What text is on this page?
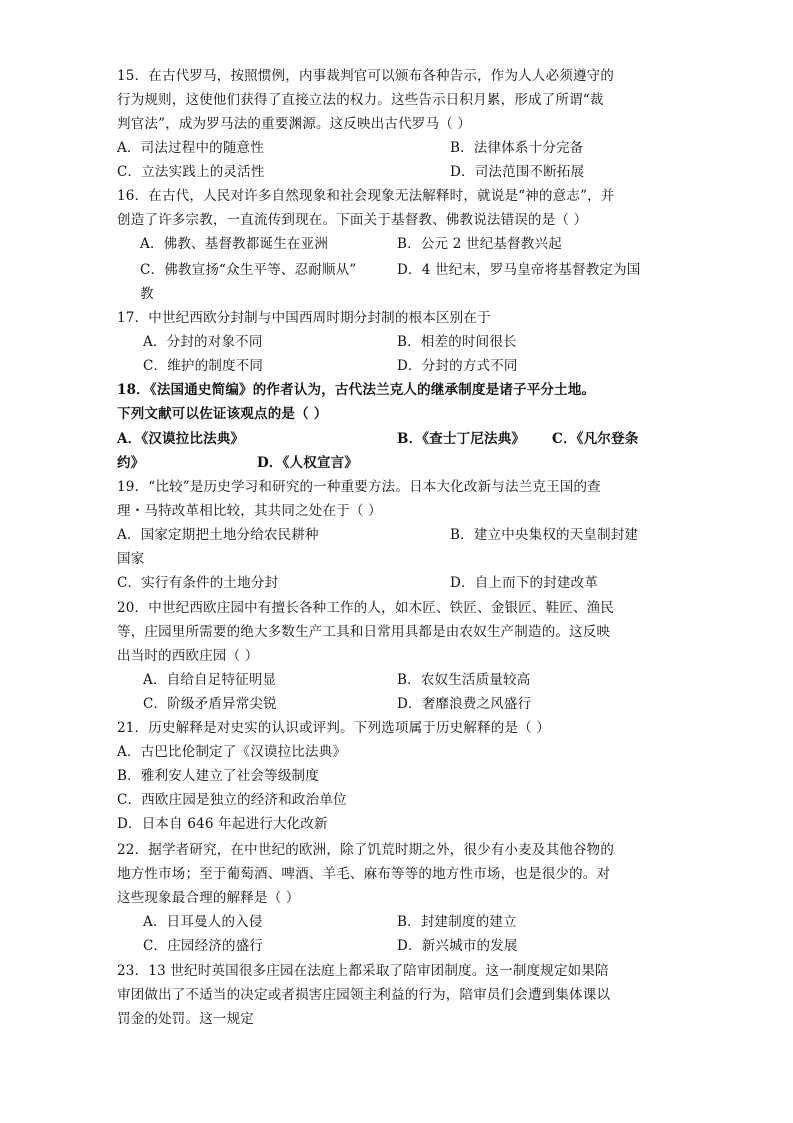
15．在古代罗马，按照惯例，内事裁判官可以颁布各种告示，作为人人必须遵守的
行为规则，这使他们获得了直接立法的权力。这些告示日积月累，形成了所谓“裁
判官法”，成为罗马法的重要渊源。这反映出古代罗马（ ）
A．司法过程中的随意性	B．法律体系十分完备
C．立法实践上的灵活性	D．司法范围不断拓展
16．在古代，人民对许多自然现象和社会现象无法解释时，就说是“神的意志”，并
创造了许多宗教，一直流传到现在。下面关于基督教、佛教说法错误的是（ ）
A．佛教、基督教都诞生在亚洲	B．公元 2 世纪基督教兴起
C．佛教宣扬“众生平等、忍耐顺从”	D．4 世纪末，罗马皇帝将基督教定为国
教
17．中世纪西欧分封制与中国西周时期分封制的根本区别在于
A．分封的对象不同	B．相差的时间很长
C．维护的制度不同	D．分封的方式不同
18．《法国通史简编》的作者认为，古代法兰克人的继承制度是诸子平分土地。
下列文献可以佐证该观点的是（ ）
A．《汉谟拉比法典》	B．《查士丁尼法典》 C．《凡尔登条
约》	D．《人权宣言》
19．“比较”是历史学习和研究的一种重要方法。日本大化改新与法兰克王国的查
理・马特改革相比较，其共同之处在于（ ）
A．国家定期把土地分给农民耕种	B．建立中央集权的天皇制封建
国家
C．实行有条件的土地分封	D．自上而下的封建改革
20．中世纪西欧庄园中有擅长各种工作的人，如木匠、铁匠、金银匠、鞋匠、渔民
等，庄园里所需要的绝大多数生产工具和日常用具都是由农奴生产制造的。这反映
出当时的西欧庄园（ ）
A．自给自足特征明显	B．农奴生活质量较高
C．阶级矛盾异常尖锐	D．奢靡浪费之风盛行
21．历史解释是对史实的认识或评判。下列选项属于历史解释的是（ ）
A．古巴比伦制定了《汉谟拉比法典》
B．雅利安人建立了社会等级制度
C．西欧庄园是独立的经济和政治单位
D．日本自 646 年起进行大化改新
22．据学者研究，在中世纪的欧洲，除了饥荒时期之外，很少有小麦及其他谷物的
地方性市场；至于葡萄酒、啤酒、羊毛、麻布等等的地方性市场，也是很少的。对
这些现象最合理的解释是（ ）
A．日耳曼人的入侵	B．封建制度的建立
C．庄园经济的盛行	D．新兴城市的发展
23．13 世纪时英国很多庄园在法庭上都采取了陪审团制度。这一制度规定如果陪
审团做出了不适当的决定或者损害庄园领主利益的行为，陪审员们会遭到集体课以
罚金的处罚。这一规定
